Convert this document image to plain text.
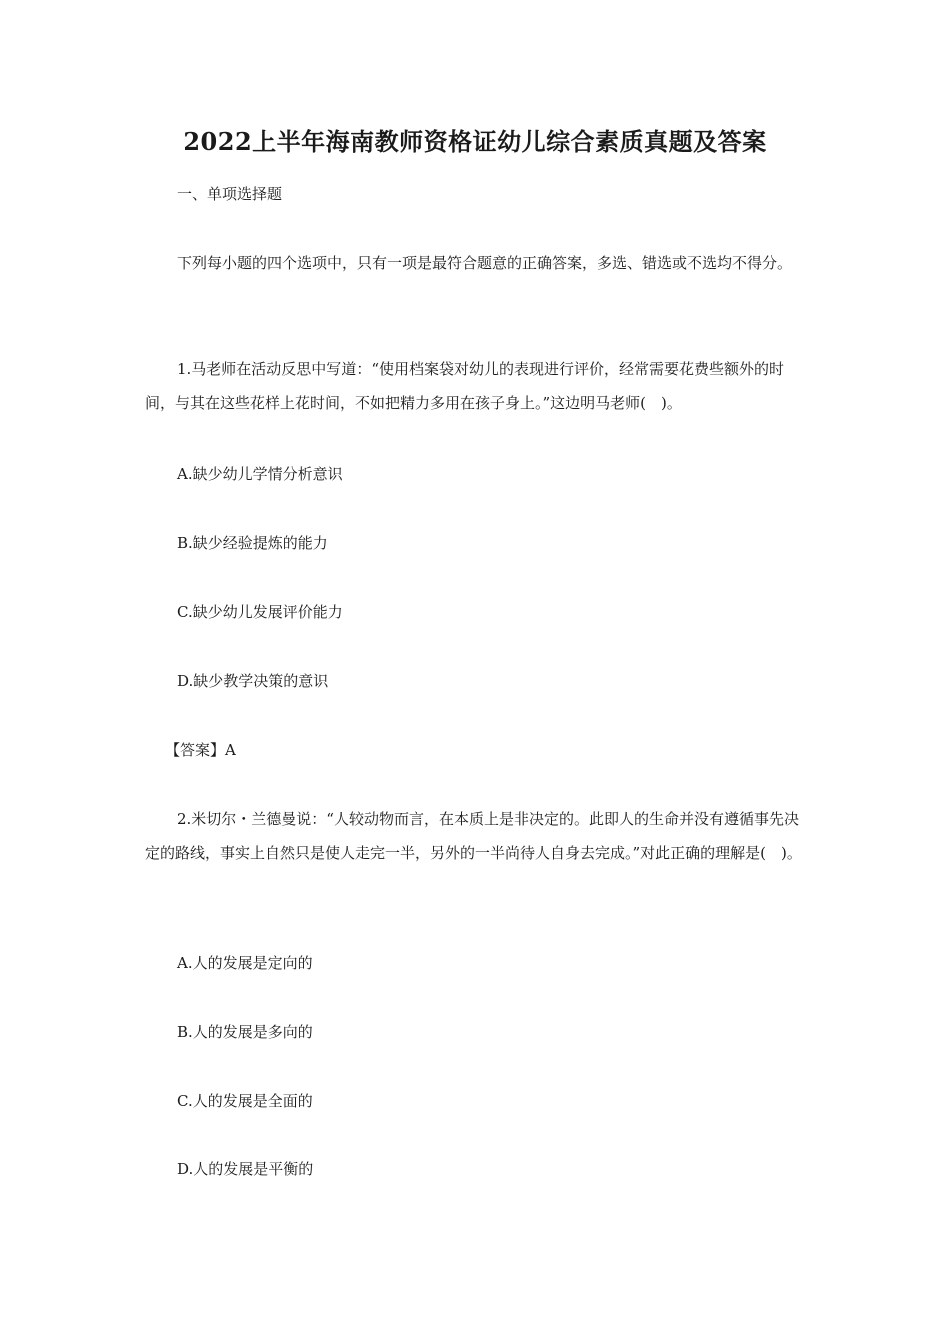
2022上半年海南教师资格证幼儿综合素质真题及答案

一、单项选择题

下列每小题的四个选项中，只有一项是最符合题意的正确答案，多选、错选或不选均不得分。

1.马老师在活动反思中写道：“使用档案袋对幼儿的表现进行评价，经常需要花费些额外的时间，与其在这些花样上花时间，不如把精力多用在孩子身上。”这边明马老师(　)。

A.缺少幼儿学情分析意识

B.缺少经验提炼的能力

C.缺少幼儿发展评价能力

D.缺少教学决策的意识

【答案】A

2.米切尔・兰德曼说：“人较动物而言，在本质上是非决定的。此即人的生命并没有遵循事先决定的路线，事实上自然只是使人走完一半，另外的一半尚待人自身去完成。”对此正确的理解是(　)。

A.人的发展是定向的

B.人的发展是多向的

C.人的发展是全面的

D.人的发展是平衡的
